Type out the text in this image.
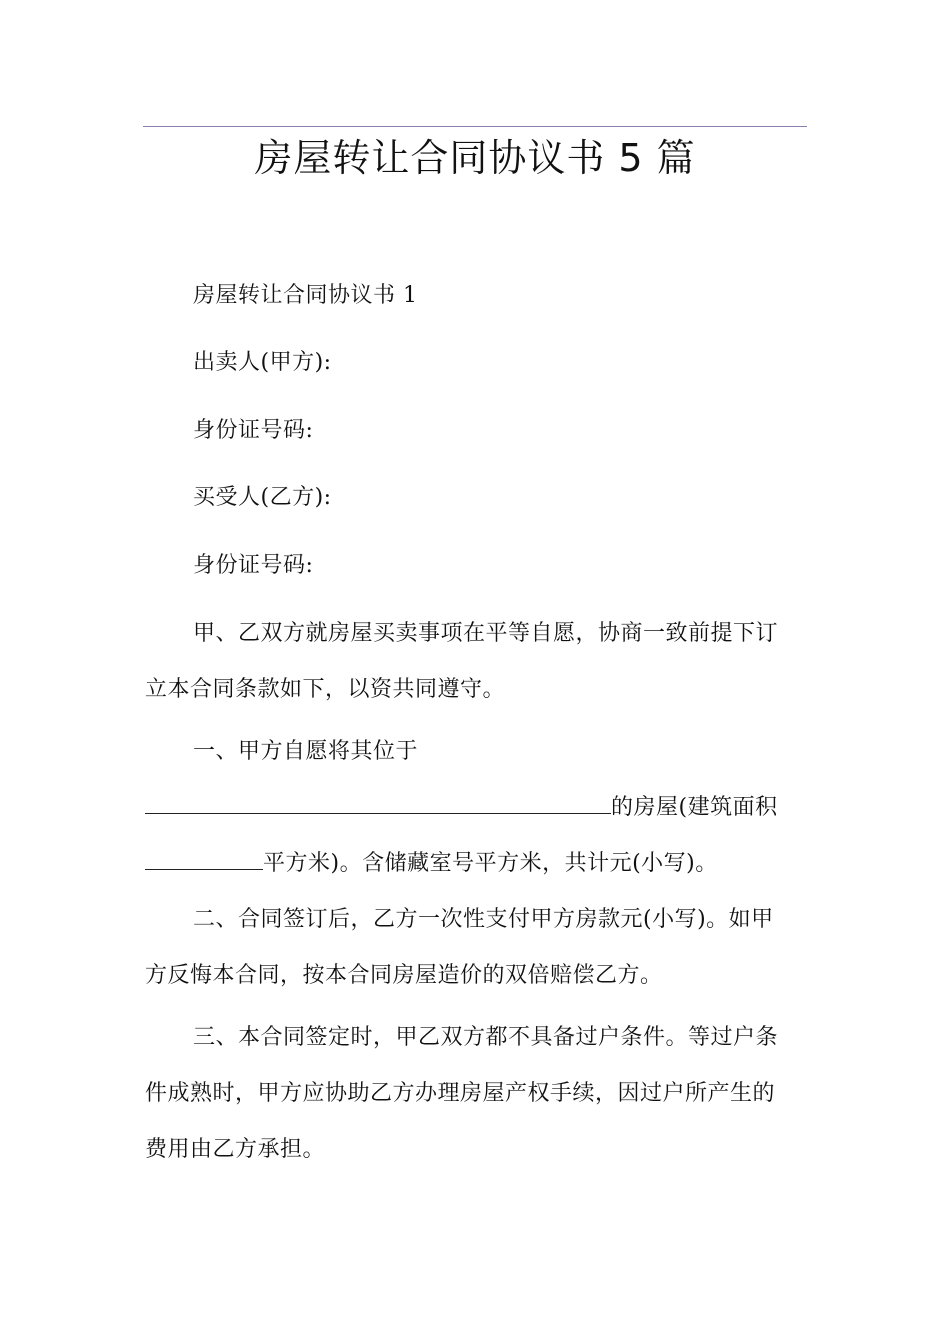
房屋转让合同协议书 5 篇

房屋转让合同协议书 1

出卖人(甲方):

身份证号码:

买受人(乙方):

身份证号码:

甲、乙双方就房屋买卖事项在平等自愿，协商一致前提下订
立本合同条款如下，以资共同遵守。
一、甲方自愿将其位于
的房屋(建筑面积
平方米)。含储藏室号平方米，共计元(小写)。
二、合同签订后，乙方一次性支付甲方房款元(小写)。如甲
方反悔本合同，按本合同房屋造价的双倍赔偿乙方。
三、本合同签定时，甲乙双方都不具备过户条件。等过户条
件成熟时，甲方应协助乙方办理房屋产权手续，因过户所产生的
费用由乙方承担。
